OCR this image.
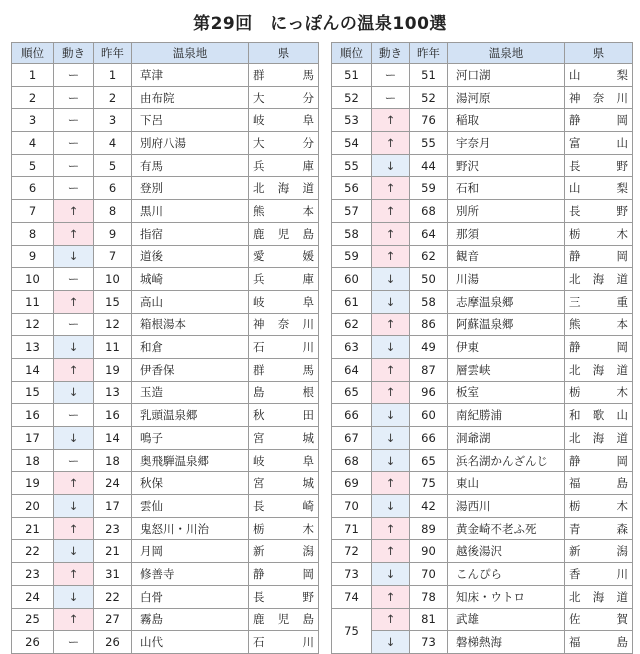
第29回　にっぽんの温泉100選
順位	動き	昨年	温泉地	県
1	ー	1	草津	群馬

2	ー	2	由布院	大分

3	ー	3	下呂	岐阜

4	ー	4	別府八湯	大分

5	ー	5	有馬	兵庫

6	ー	6	登別	北海道

7	↑	8	黒川	熊本

8	↑	9	指宿	鹿児島

9	↓	7	道後	愛媛

10	ー	10	城崎	兵庫

11	↑	15	高山	岐阜

12	ー	12	箱根湯本	神奈川

13	↓	11	和倉	石川

14	↑	19	伊香保	群馬

15	↓	13	玉造	島根

16	ー	16	乳頭温泉郷	秋田

17	↓	14	鳴子	宮城

18	ー	18	奥飛騨温泉郷	岐阜

19	↑	24	秋保	宮城

20	↓	17	雲仙	長崎

21	↑	23	鬼怒川・川治	栃木

22	↓	21	月岡	新潟

23	↑	31	修善寺	静岡

24	↓	22	白骨	長野

25	↑	27	霧島	鹿児島

26	ー	26	山代	石川
順位	動き	昨年	温泉地	県
51	ー	51	河口湖	山梨

52	ー	52	湯河原	神奈川

53	↑	76	稲取	静岡

54	↑	55	宇奈月	富山

55	↓	44	野沢	長野

56	↑	59	石和	山梨

57	↑	68	別所	長野

58	↑	64	那須	栃木

59	↑	62	観音	静岡

60	↓	50	川湯	北海道

61	↓	58	志摩温泉郷	三重

62	↑	86	阿蘇温泉郷	熊本

63	↓	49	伊東	静岡

64	↑	87	層雲峡	北海道

65	↑	96	板室	栃木

66	↓	60	南紀勝浦	和歌山

67	↓	66	洞爺湖	北海道

68	↓	65	浜名湖かんざんじ	静岡

69	↑	75	東山	福島

70	↓	42	湯西川	栃木

71	↑	89	黄金崎不老ふ死	青森

72	↑	90	越後湯沢	新潟

73	↓	70	こんぴら	香川

74	↑	78	知床・ウトロ	北海道

75	↑	81	武雄	佐賀

	↓	73	磐梯熱海	福島
